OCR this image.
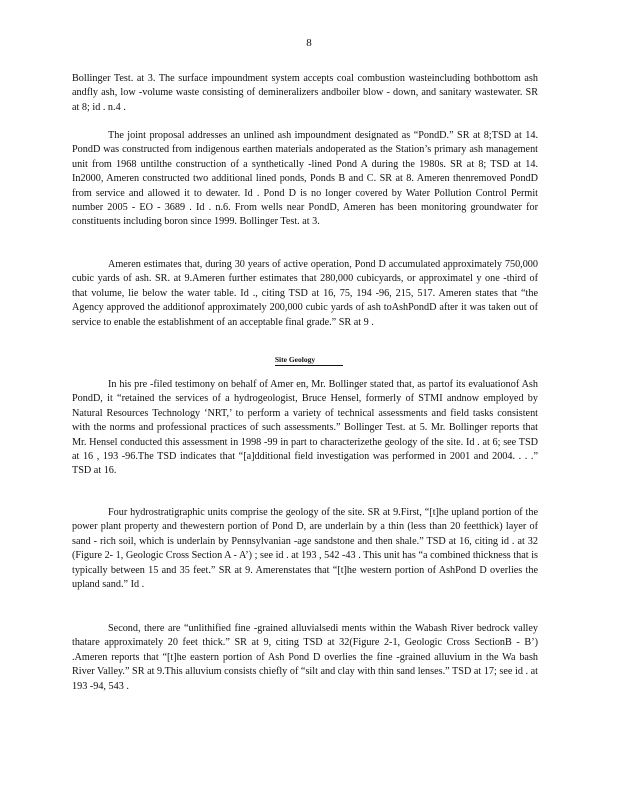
8

Bollinger Test. at 3. The surface impoundment system accepts coal combustion wasteincluding bothbottom ash andfly ash, low -volume waste consisting of demineralizers andboiler blow - down, and sanitary wastewater. SR at 8; id . n.4 .

The joint proposal addresses an unlined ash impoundment designated as “PondD.” SR at 8;TSD at 14. PondD was constructed from indigenous earthen materials andoperated as the Station’s primary ash management unit from 1968 untilthe construction of a synthetically -lined Pond A during the 1980s. SR at 8; TSD at 14. In2000, Ameren constructed two additional lined ponds, Ponds B and C. SR at 8. Ameren thenremoved PondD from service and allowed it to dewater. Id . Pond D is no longer covered by Water Pollution Control Permit number 2005 - EO - 3689 . Id . n.6. From wells near PondD, Ameren has been monitoring groundwater for constituents including boron since 1999. Bollinger Test. at 3.

Ameren estimates that, during 30 years of active operation, Pond D accumulated approximately 750,000 cubic yards of ash. SR. at 9.Ameren further estimates that 280,000 cubicyards, or approximatel y one -third of that volume, lie below the water table. Id ., citing TSD at 16, 75, 194 -96, 215, 517. Ameren states that “the Agency approved the additionof approximately 200,000 cubic yards of ash toAshPondD after it was taken out of service to enable the establishment of an acceptable final grade.” SR at 9 .

Site Geology

In his pre -filed testimony on behalf of Amer en, Mr. Bollinger stated that, as partof its evaluationof Ash PondD, it “retained the services of a hydrogeologist, Bruce Hensel, formerly of STMI andnow employed by Natural Resources Technology ‘NRT,’ to perform a variety of technical assessments and field tasks consistent with the norms and professional practices of such assessments.” Bollinger Test. at 5. Mr. Bollinger reports that Mr. Hensel conducted this assessment in 1998 -99 in part to characterizethe geology of the site. Id . at 6; see TSD at 16 , 193 -96.The TSD indicates that “[a]dditional field investigation was performed in 2001 and 2004. . . .” TSD at 16.

Four hydrostratigraphic units comprise the geology of the site. SR at 9.First, “[t]he upland portion of the power plant property and thewestern portion of Pond D, are underlain by a thin (less than 20 feetthick) layer of sand - rich soil, which is underlain by Pennsylvanian -age sandstone and then shale.” TSD at 16, citing id . at 32 (Figure 2- 1, Geologic Cross Section A - A’) ; see id . at 193 , 542 -43 . This unit has “a combined thickness that is typically between 15 and 35 feet.” SR at 9. Amerenstates that “[t]he western portion of AshPond D overlies the upland sand.” Id .

Second, there are “unlithified fine -grained alluvialsedi ments within the Wabash River bedrock valley thatare approximately 20 feet thick.” SR at 9, citing TSD at 32(Figure 2-1, Geologic Cross SectionB - B’) .Ameren reports that “[t]he eastern portion of Ash Pond D overlies the fine -grained alluvium in the Wa bash River Valley.” SR at 9.This alluvium consists chiefly of “silt and clay with thin sand lenses.” TSD at 17; see id . at 193 -94, 543 .
